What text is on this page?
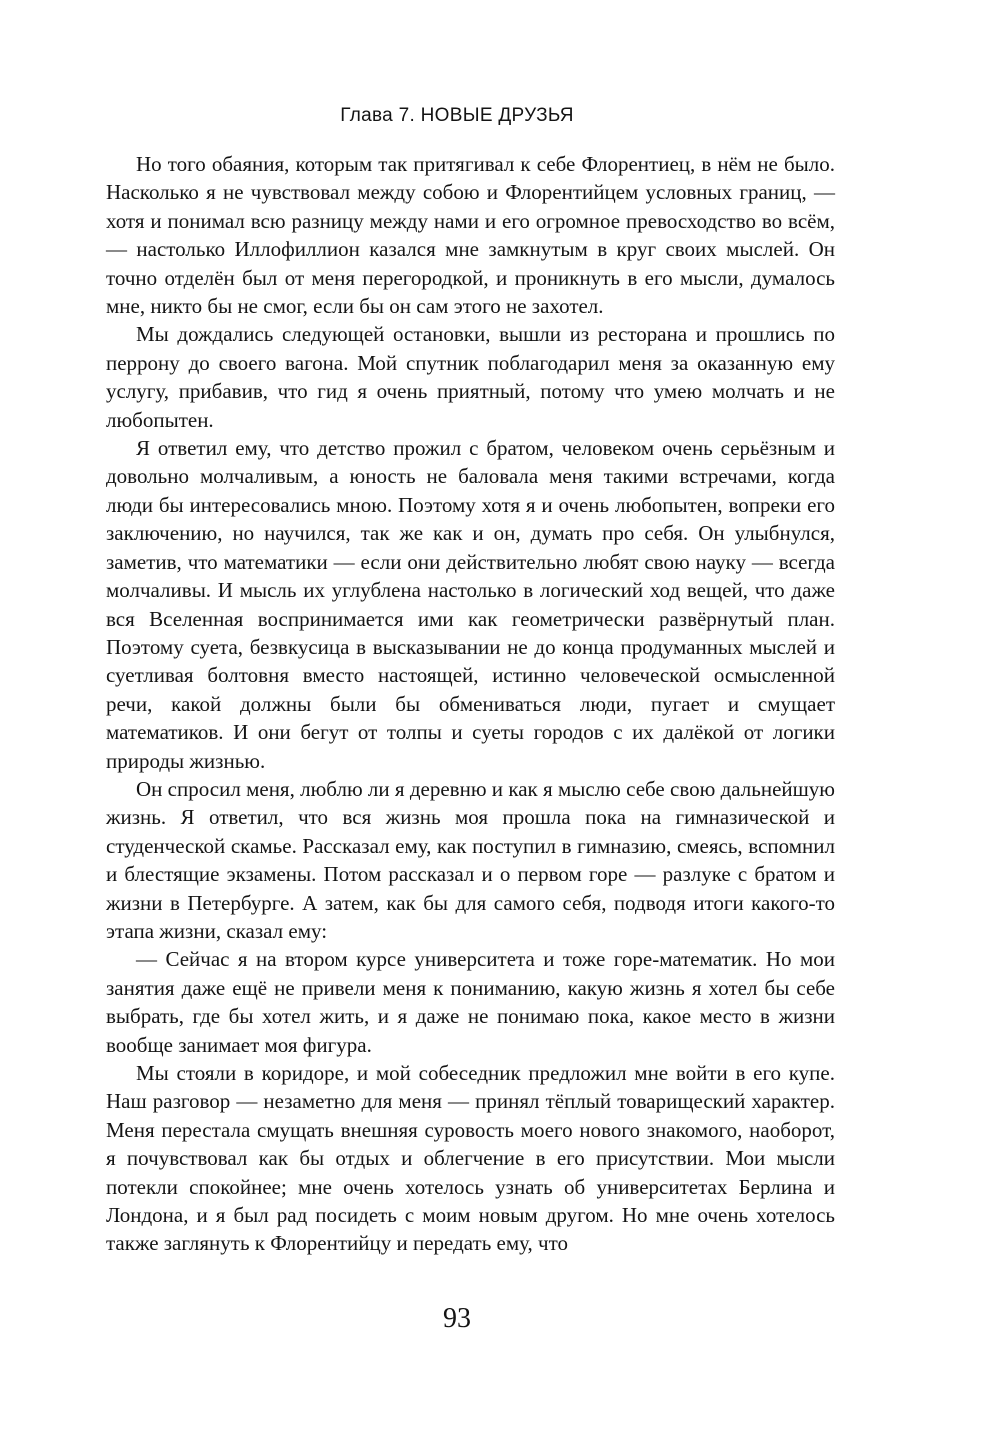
Глава 7. НОВЫЕ ДРУЗЬЯ

Но того обаяния, которым так притягивал к себе Флорентиец, в нём не было. Насколько я не чувствовал между собою и Флорентийцем условных границ, — хотя и понимал всю разницу между нами и его огромное превосходство во всём, — настолько Иллофиллион казался мне замкнутым в круг своих мыслей. Он точно отделён был от меня перегородкой, и проникнуть в его мысли, думалось мне, никто бы не смог, если бы он сам этого не захотел.

Мы дождались следующей остановки, вышли из ресторана и прошлись по перрону до своего вагона. Мой спутник поблагодарил меня за оказанную ему услугу, прибавив, что гид я очень приятный, потому что умею молчать и не любопытен.

Я ответил ему, что детство прожил с братом, человеком очень серьёзным и довольно молчаливым, а юность не баловала меня такими встречами, когда люди бы интересовались мною. Поэтому хотя я и очень любопытен, вопреки его заключению, но научился, так же как и он, думать про себя. Он улыбнулся, заметив, что математики — если они действительно любят свою науку — всегда молчаливы. И мысль их углублена настолько в логический ход вещей, что даже вся Вселенная воспринимается ими как геометрически развёрнутый план. Поэтому суета, безвкусица в высказывании не до конца продуманных мыслей и суетливая болтовня вместо настоящей, истинно человеческой осмысленной речи, какой должны были бы обмениваться люди, пугает и смущает математиков. И они бегут от толпы и суеты городов с их далёкой от логики природы жизнью.

Он спросил меня, люблю ли я деревню и как я мыслю себе свою дальнейшую жизнь. Я ответил, что вся жизнь моя прошла пока на гимназической и студенческой скамье. Рассказал ему, как поступил в гимназию, смеясь, вспомнил и блестящие экзамены. Потом рассказал и о первом горе — разлуке с братом и жизни в Петербурге. А затем, как бы для самого себя, подводя итоги какого-то этапа жизни, сказал ему:

— Сейчас я на втором курсе университета и тоже горе-математик. Но мои занятия даже ещё не привели меня к пониманию, какую жизнь я хотел бы себе выбрать, где бы хотел жить, и я даже не понимаю пока, какое место в жизни вообще занимает моя фигура.

Мы стояли в коридоре, и мой собеседник предложил мне войти в его купе. Наш разговор — незаметно для меня — принял тёплый товарищеский характер. Меня перестала смущать внешняя суровость моего нового знакомого, наоборот, я почувствовал как бы отдых и облегчение в его присутствии. Мои мысли потекли спокойнее; мне очень хотелось узнать об университетах Берлина и Лондона, и я был рад посидеть с моим новым другом. Но мне очень хотелось также заглянуть к Флорентийцу и передать ему, что

93
